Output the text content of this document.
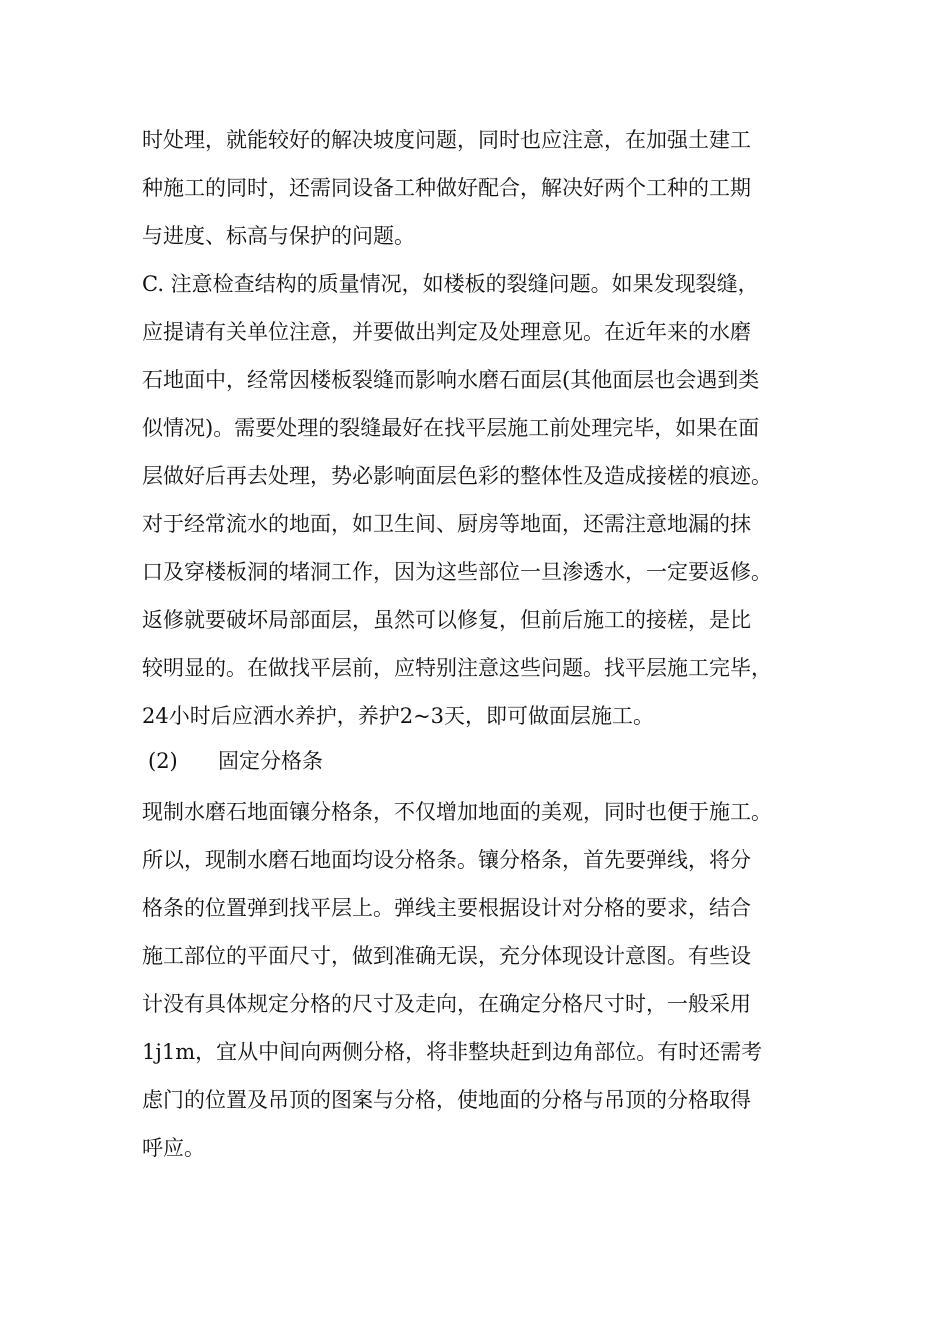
时处理，就能较好的解决坡度问题，同时也应注意，在加强土建工
种施工的同时，还需同设备工种做好配合，解决好两个工种的工期
与进度、标高与保护的问题。
C. 注意检查结构的质量情况，如楼板的裂缝问题。如果发现裂缝，
应提请有关单位注意，并要做出判定及处理意见。在近年来的水磨
石地面中，经常因楼板裂缝而影响水磨石面层(其他面层也会遇到类
似情况)。需要处理的裂缝最好在找平层施工前处理完毕，如果在面
层做好后再去处理，势必影响面层色彩的整体性及造成接槎的痕迹。
对于经常流水的地面，如卫生间、厨房等地面，还需注意地漏的抹
口及穿楼板洞的堵洞工作，因为这些部位一旦渗透水，一定要返修。
返修就要破坏局部面层，虽然可以修复，但前后施工的接槎，是比
较明显的。在做找平层前，应特别注意这些问题。找平层施工完毕，
24小时后应洒水养护，养护2~3天，即可做面层施工。
(2) 固定分格条
现制水磨石地面镶分格条，不仅增加地面的美观，同时也便于施工。
所以，现制水磨石地面均设分格条。镶分格条，首先要弹线，将分
格条的位置弹到找平层上。弹线主要根据设计对分格的要求，结合
施工部位的平面尺寸，做到准确无误，充分体现设计意图。有些设
计没有具体规定分格的尺寸及走向，在确定分格尺寸时，一般采用
1j1m，宜从中间向两侧分格，将非整块赶到边角部位。有时还需考
虑门的位置及吊顶的图案与分格，使地面的分格与吊顶的分格取得
呼应。
